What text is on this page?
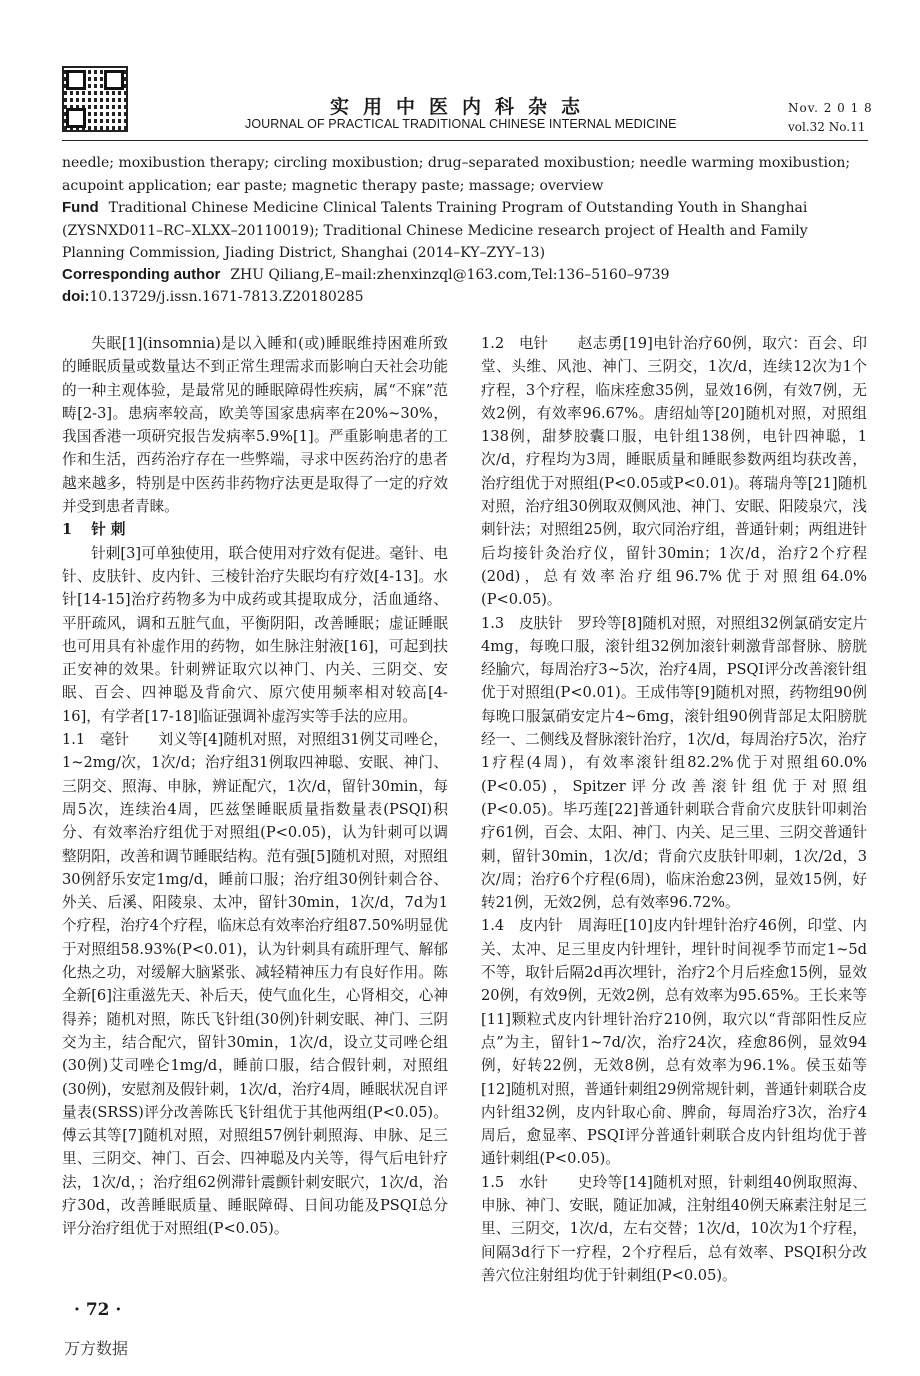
实用中医内科杂志
JOURNAL OF PRACTICAL TRADITIONAL CHINESE INTERNAL MEDICINE
Nov. 2 0 1 8
vol.32 No.11
needle; moxibustion therapy; circling moxibustion; drug–separated moxibustion; needle warming moxibustion; acupoint application; ear paste; magnetic therapy paste; massage; overview
Fund Traditional Chinese Medicine Clinical Talents Training Program of Outstanding Youth in Shanghai (ZYSNXD011–RC–XLXX–20110019); Traditional Chinese Medicine research project of Health and Family Planning Commission, Jiading District, Shanghai (2014–KY–ZYY–13)
Corresponding author ZHU Qiliang,E–mail:zhenxinzql@163.com,Tel:136–5160–9739
doi:10.13729/j.issn.1671-7813.Z20180285

失眠[1](insomnia)是以入睡和(或)睡眠维持困难所致的睡眠质量或数量达不到正常生理需求而影响白天社会功能的一种主观体验，是最常见的睡眠障碍性疾病，属“不寐”范畴[2-3]。患病率较高，欧美等国家患病率在20%~30%，我国香港一项研究报告发病率5.9%[1]。严重影响患者的工作和生活，西药治疗存在一些弊端，寻求中医药治疗的患者越来越多，特别是中医药非药物疗法更是取得了一定的疗效并受到患者青睐。

1 针 刺

针刺[3]可单独使用，联合使用对疗效有促进。毫针、电针、皮肤针、皮内针、三棱针治疗失眠均有疗效[4-13]。水针[14-15]治疗药物多为中成药或其提取成分，活血通络、平肝疏风，调和五脏气血，平衡阴阳，改善睡眠；虚证睡眠也可用具有补虚作用的药物，如生脉注射液[16]，可起到扶正安神的效果。针刺辨证取穴以神门、内关、三阴交、安眠、百会、四神聪及背俞穴、原穴使用频率相对较高[4-16]，有学者[17-18]临证强调补虚泻实等手法的应用。

1.1 毫针 刘义等[4]随机对照，对照组31例艾司唑仑，1~2mg/次，1次/d；治疗组31例取四神聪、安眠、神门、三阴交、照海、申脉，辨证配穴，1次/d，留针30min，每周5次，连续治4周，匹兹堡睡眠质量指数量表(PSQI)积分、有效率治疗组优于对照组(P<0.05)，认为针刺可以调整阴阳，改善和调节睡眠结构。范有强[5]随机对照，对照组30例舒乐安定1mg/d，睡前口服；治疗组30例针刺合谷、外关、后溪、阳陵泉、太冲，留针30min，1次/d，7d为1个疗程，治疗4个疗程，临床总有效率治疗组87.50%明显优于对照组58.93%(P<0.01)，认为针刺具有疏肝理气、解郁化热之功，对缓解大脑紧张、减轻精神压力有良好作用。陈全新[6]注重滋先天、补后天，使气血化生，心肾相交，心神得养；随机对照，陈氏飞针组(30例)针刺安眠、神门、三阴交为主，结合配穴，留针30min，1次/d，设立艾司唑仑组(30例)艾司唑仑1mg/d，睡前口服，结合假针刺，对照组(30例)，安慰剂及假针刺，1次/d，治疗4周，睡眠状况自评量表(SRSS)评分改善陈氏飞针组优于其他两组(P<0.05)。傅云其等[7]随机对照，对照组57例针刺照海、申脉、足三里、三阴交、神门、百会、四神聪及内关等，得气后电针疗法，1次/d，；治疗组62例滞针震颤针刺安眠穴，1次/d，治疗30d，改善睡眠质量、睡眠障碍、日间功能及PSQI总分评分治疗组优于对照组(P<0.05)。

1.2 电针 赵志勇[19]电针治疗60例，取穴：百会、印堂、头维、风池、神门、三阴交，1次/d，连续12次为1个疗程，3个疗程，临床痊愈35例，显效16例，有效7例，无效2例，有效率96.67%。唐绍灿等[20]随机对照，对照组138例，甜梦胶囊口服，电针组138例，电针四神聪，1次/d，疗程均为3周，睡眠质量和睡眠参数两组均获改善，治疗组优于对照组(P<0.05或P<0.01)。蒋瑞舟等[21]随机对照，治疗组30例取双侧风池、神门、安眠、阳陵泉穴，浅刺针法；对照组25例，取穴同治疗组，普通针刺；两组进针后均接针灸治疗仪，留针30min；1次/d，治疗2个疗程(20d)，总有效率治疗组96.7%优于对照组64.0%(P<0.05)。

1.3 皮肤针 罗玲等[8]随机对照，对照组32例氯硝安定片4mg，每晚口服，滚针组32例加滚针刺激背部督脉、膀胱经腧穴，每周治疗3~5次，治疗4周，PSQI评分改善滚针组优于对照组(P<0.01)。王成伟等[9]随机对照，药物组90例每晚口服氯硝安定片4~6mg，滚针组90例背部足太阳膀胱经一、二侧线及督脉滚针治疗，1次/d，每周治疗5次，治疗1疗程(4周)，有效率滚针组82.2%优于对照组60.0%(P<0.05)，Spitzer评分改善滚针组优于对照组(P<0.05)。毕巧莲[22]普通针刺联合背俞穴皮肤针叩刺治疗61例，百会、太阳、神门、内关、足三里、三阴交普通针刺，留针30min，1次/d；背俞穴皮肤针叩刺，1次/2d，3次/周；治疗6个疗程(6周)，临床治愈23例，显效15例，好转21例，无效2例，总有效率96.72%。

1.4 皮内针 周海旺[10]皮内针埋针治疗46例，印堂、内关、太冲、足三里皮内针埋针，埋针时间视季节而定1~5d不等，取针后隔2d再次埋针，治疗2个月后痊愈15例，显效20例，有效9例，无效2例，总有效率为95.65%。王长来等[11]颗粒式皮内针埋针治疗210例，取穴以“背部阳性反应点”为主，留针1~7d/次，治疗24次，痊愈86例，显效94例，好转22例，无效8例，总有效率为96.1%。侯玉茹等[12]随机对照，普通针刺组29例常规针刺，普通针刺联合皮内针组32例，皮内针取心俞、脾俞，每周治疗3次，治疗4周后，愈显率、PSQI评分普通针刺联合皮内针组均优于普通针刺组(P<0.05)。

1.5 水针 史玲等[14]随机对照，针刺组40例取照海、申脉、神门、安眠，随证加减，注射组40例天麻素注射足三里、三阴交，1次/d，左右交替；1次/d，10次为1个疗程，间隔3d行下一疗程，2个疗程后，总有效率、PSQI积分改善穴位注射组均优于针刺组(P<0.05)。

· 72 ·
万方数据
